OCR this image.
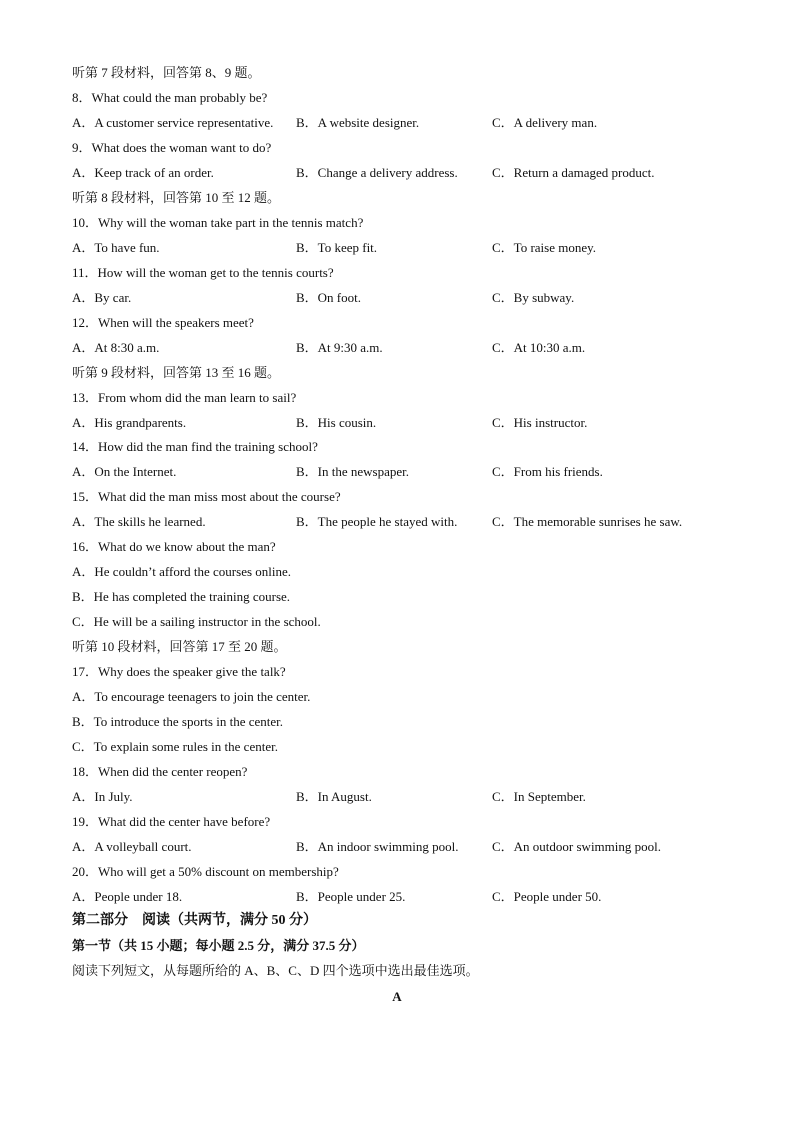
听第 7 段材料，回答第 8、9 题。
8．What could the man probably be?
A．A customer service representative. B．A website designer.	C．A delivery man.
9．What does the woman want to do?
A．Keep track of an order.	B．Change a delivery address.	C．Return a damaged product.
听第 8 段材料，回答第 10 至 12 题。
10．Why will the woman take part in the tennis match?
A．To have fun.	B．To keep fit.	C．To raise money.
11．How will the woman get to the tennis courts?
A．By car.	B．On foot.	C．By subway.
12．When will the speakers meet?
A．At 8:30 a.m.	B．At 9:30 a.m.	C．At 10:30 a.m.
听第 9 段材料，回答第 13 至 16 题。
13．From whom did the man learn to sail?
A．His grandparents.	B．His cousin.	C．His instructor.
14．How did the man find the training school?
A．On the Internet.	B．In the newspaper.	C．From his friends.
15．What did the man miss most about the course?
A．The skills he learned.	B．The people he stayed with.	C．The memorable sunrises he saw.
16．What do we know about the man?
A．He couldn’t afford the courses online.
B．He has completed the training course.
C．He will be a sailing instructor in the school.
听第 10 段材料，回答第 17 至 20 题。
17．Why does the speaker give the talk?
A．To encourage teenagers to join the center.
B．To introduce the sports in the center.
C．To explain some rules in the center.
18．When did the center reopen?
A．In July.	B．In August.	C．In September.
19．What did the center have before?
A．A volleyball court.	B．An indoor swimming pool.	C．An outdoor swimming pool.
20．Who will get a 50% discount on membership?
A．People under 18.	B．People under 25.	C．People under 50.
第二部分　阅读（共两节，满分 50 分）
第一节（共 15 小题；每小题 2.5 分，满分 37.5 分）
阅读下列短文，从每题所给的 A、B、C、D 四个选项中选出最佳选项。
A
